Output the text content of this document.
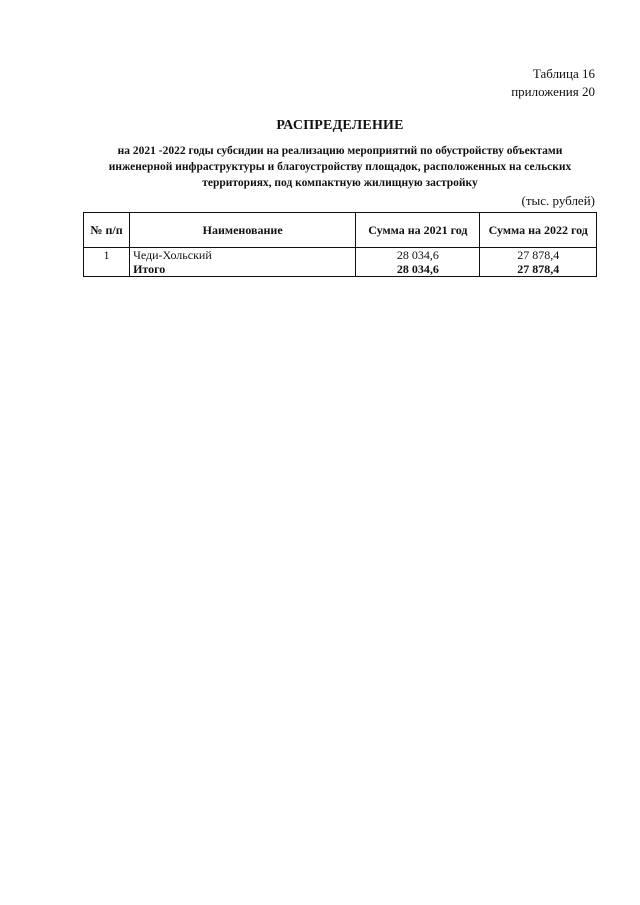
Таблица 16
приложения 20
РАСПРЕДЕЛЕНИЕ
на 2021 -2022 годы субсидии на реализацию мероприятий по обустройству объектами инженерной инфраструктуры и благоустройству площадок, расположенных на сельских территориях, под компактную жилищную застройку
(тыс. рублей)
№ п/п	Наименование	Сумма на 2021 год	Сумма на 2022 год
1	Чеди-Хольский	28 034,6	27 878,4
	Итого	28 034,6	27 878,4
